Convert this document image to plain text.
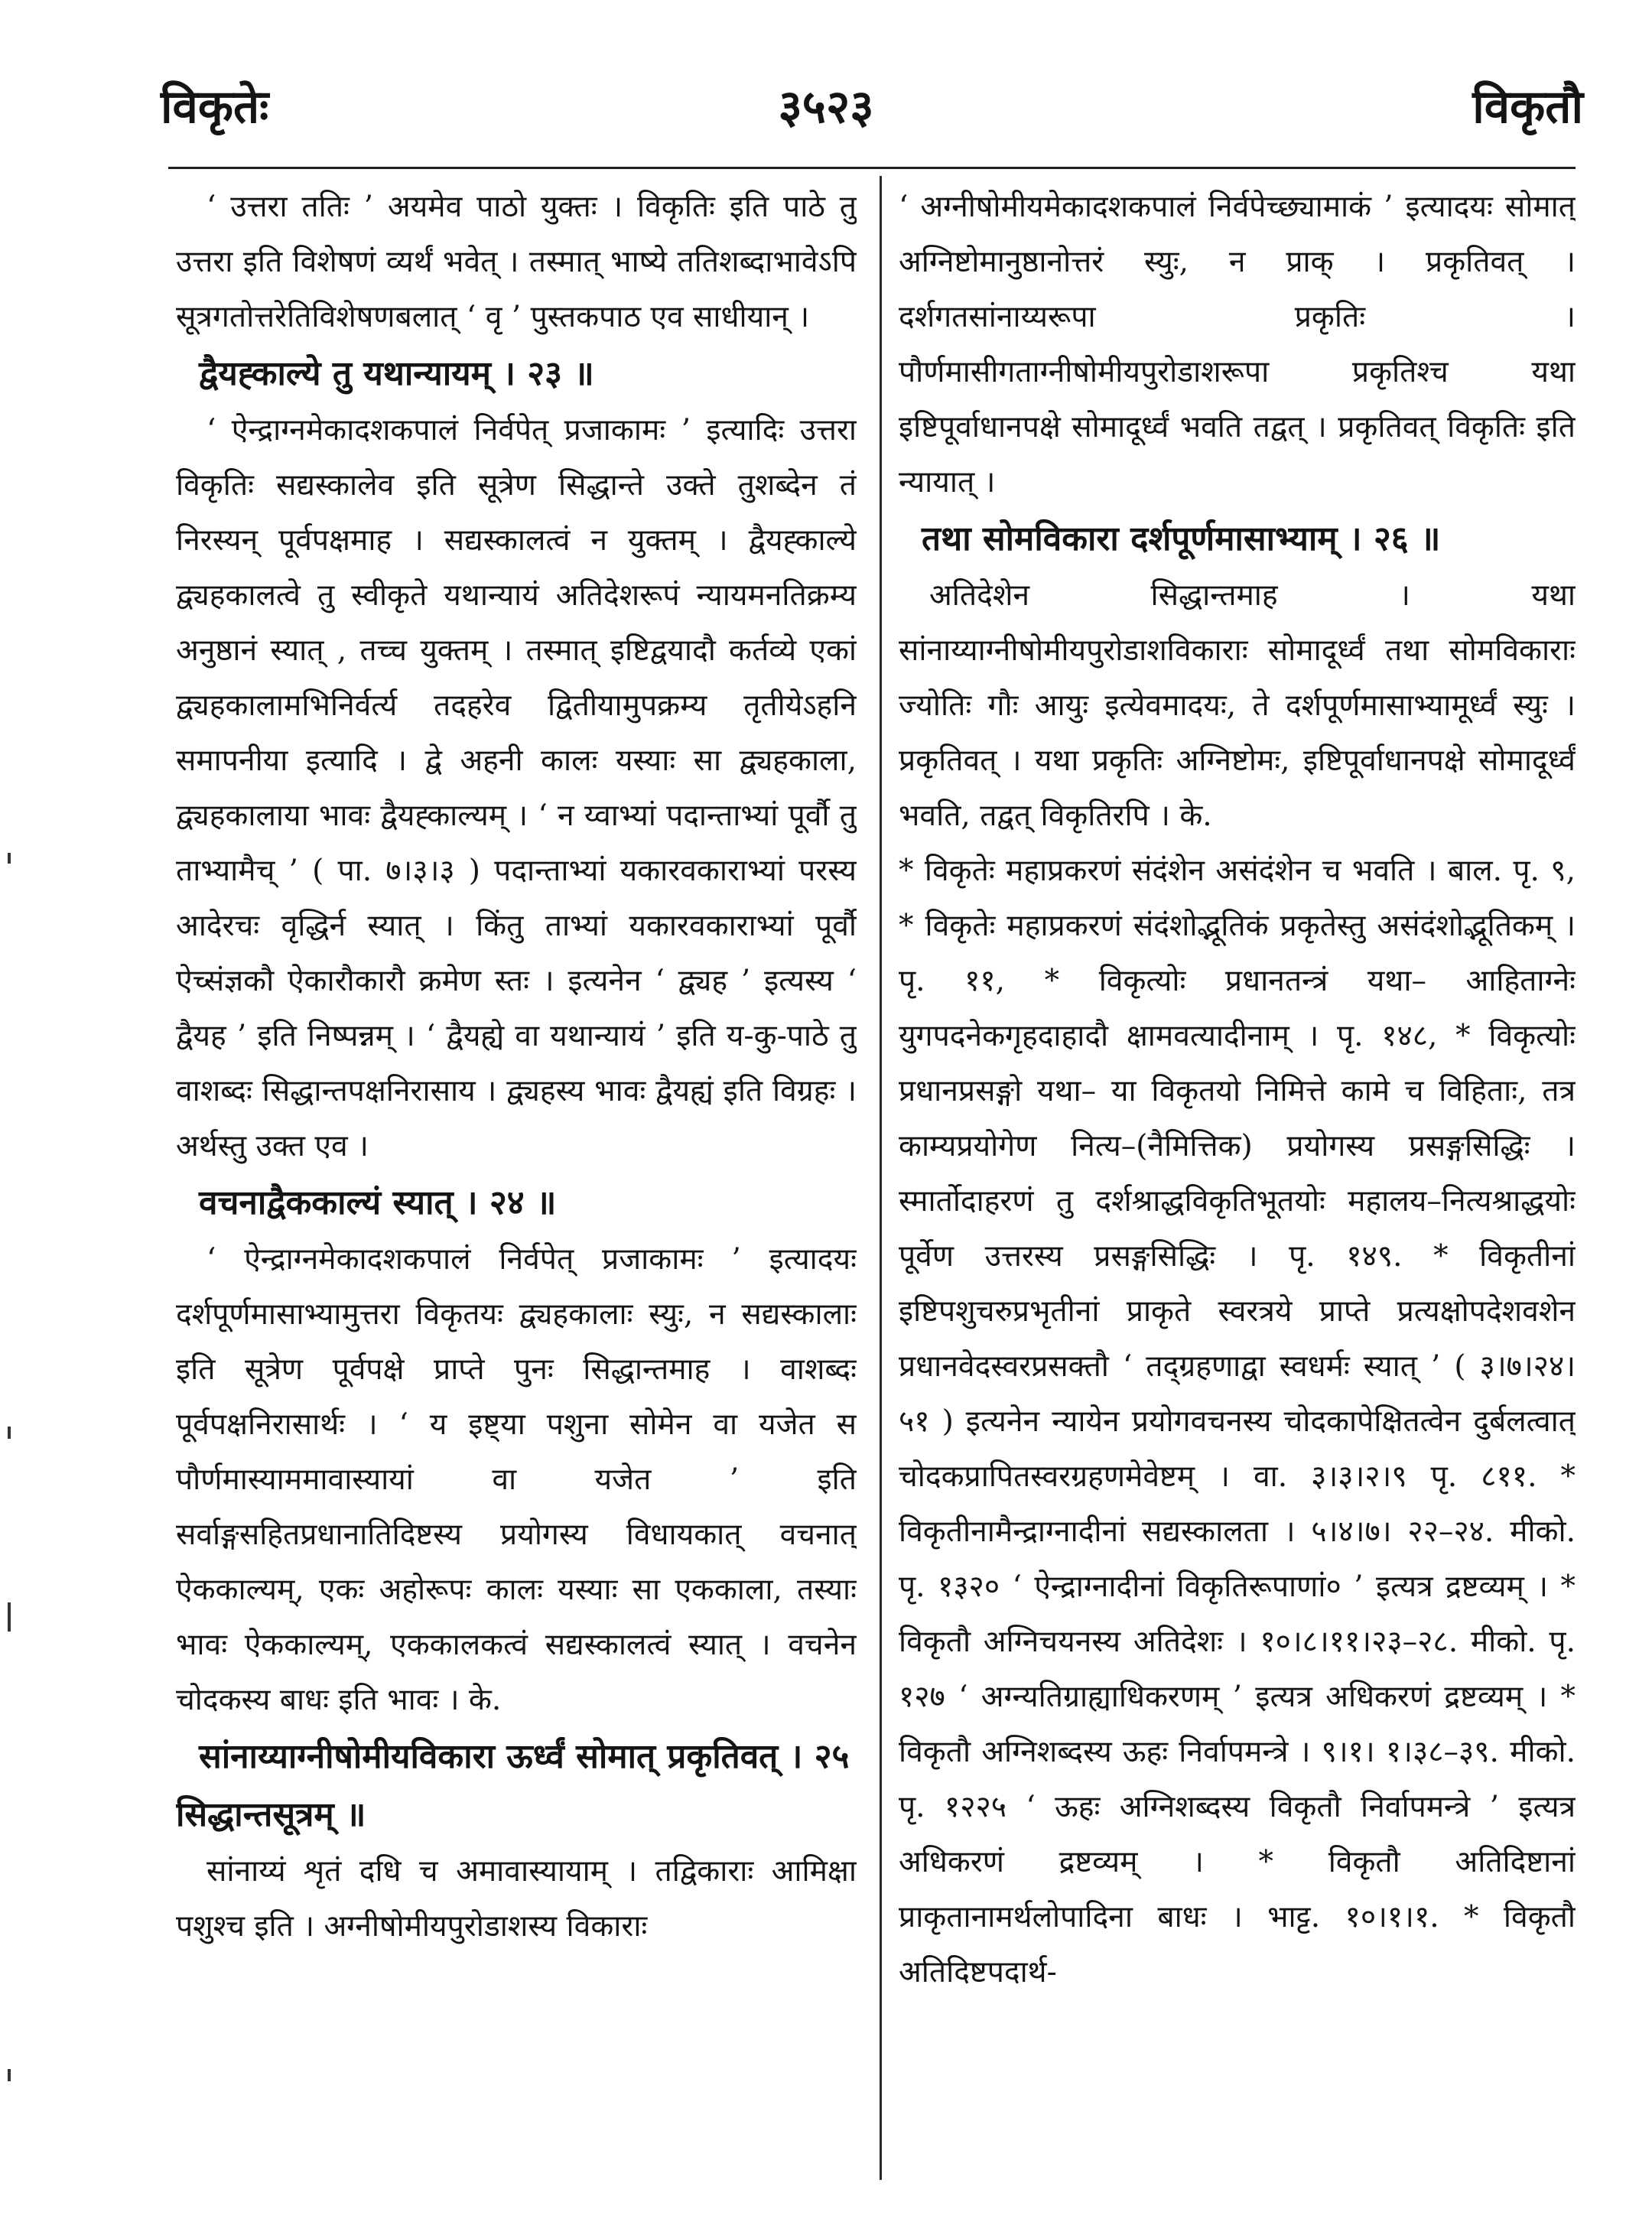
विकृतेः	३५२३	विकृतौ

‘ उत्तरा ततिः ’ अयमेव पाठो युक्तः । विकृतिः इति पाठे तु उत्तरा इति विशेषणं व्यर्थं भवेत् । तस्मात् भाष्ये ततिशब्दाभावेऽपि सूत्रगतोत्तरेतिविशेषणबलात् ‘ वृ ’ पुस्तकपाठ एव साधीयान् ।

द्वैयह्काल्ये तु यथान्यायम् । २३ ॥

‘ ऐन्द्राग्नमेकादशकपालं निर्वपेत् प्रजाकामः ’ इत्यादिः उत्तरा विकृतिः सद्यस्कालेव इति सूत्रेण सिद्धान्ते उक्ते तुशब्देन तं निरस्यन् पूर्वपक्षमाह । सद्यस्कालत्वं न युक्तम् । द्वैयह्काल्ये द्व्यहकालत्वे तु स्वीकृते यथान्यायं अतिदेशरूपं न्यायमनतिक्रम्य अनुष्ठानं स्यात् , तच्च युक्तम् । तस्मात् इष्टिद्वयादौ कर्तव्ये एकां द्व्यहकालामभिनिर्वर्त्य तदहरेव द्वितीयामुपक्रम्य तृतीयेऽहनि समापनीया इत्यादि । द्वे अहनी कालः यस्याः सा द्व्यहकाला, द्व्यहकालाया भावः द्वैयह्काल्यम् । ‘ न य्वाभ्यां पदान्ताभ्यां पूर्वौ तु ताभ्यामैच् ’ ( पा. ७।३।३ ) पदान्ताभ्यां यकारवकाराभ्यां परस्य आदेरचः वृद्धिर्न स्यात् । किंतु ताभ्यां यकारवकाराभ्यां पूर्वौ ऐच्संज्ञकौ ऐकारौकारौ क्रमेण स्तः । इत्यनेन ‘ द्व्यह ’ इत्यस्य ‘ द्वैयह ’ इति निष्पन्नम् । ‘ द्वैयह्ये वा यथान्यायं ’ इति य-कु-पाठे तु वाशब्दः सिद्धान्तपक्षनिरासाय । द्व्यहस्य भावः द्वैयह्यं इति विग्रहः । अर्थस्तु उक्त एव ।

वचनाद्वैककाल्यं स्यात् । २४ ॥

‘ ऐन्द्राग्नमेकादशकपालं निर्वपेत् प्रजाकामः ’ इत्यादयः दर्शपूर्णमासाभ्यामुत्तरा विकृतयः द्व्यहकालाः स्युः, न सद्यस्कालाः इति सूत्रेण पूर्वपक्षे प्राप्ते पुनः सिद्धान्तमाह । वाशब्दः पूर्वपक्षनिरासार्थः । ‘ य इष्ट्या पशुना सोमेन वा यजेत स पौर्णमास्याममावास्यायां वा यजेत ’ इति सर्वाङ्गसहितप्रधानातिदिष्टस्य प्रयोगस्य विधायकात् वचनात् ऐककाल्यम्, एकः अहोरूपः कालः यस्याः सा एककाला, तस्याः भावः ऐककाल्यम्, एककालकत्वं सद्यस्कालत्वं स्यात् । वचनेन चोदकस्य बाधः इति भावः । के.

सांनाय्याग्नीषोमीयविकारा ऊर्ध्वं सोमात् प्रकृतिवत् । २५ सिद्धान्तसूत्रम् ॥

सांनाय्यं शृतं दधि च अमावास्यायाम् । तद्विकाराः आमिक्षा पशुश्च इति । अग्नीषोमीयपुरोडाशस्य विकाराः

‘ अग्नीषोमीयमेकादशकपालं निर्वपेच्छ्यामाकं ’ इत्यादयः सोमात् अग्निष्टोमानुष्ठानोत्तरं स्युः, न प्राक् । प्रकृतिवत् । दर्शगतसांनाय्यरूपा प्रकृतिः । पौर्णमासीगताग्नीषोमीयपुरोडाशरूपा प्रकृतिश्च यथा इष्टिपूर्वाधानपक्षे सोमादूर्ध्वं भवति तद्वत् । प्रकृतिवत् विकृतिः इति न्यायात् ।

तथा सोमविकारा दर्शपूर्णमासाभ्याम् । २६ ॥

अतिदेशेन सिद्धान्तमाह । यथा सांनाय्याग्नीषोमीयपुरोडाशविकाराः सोमादूर्ध्वं तथा सोमविकाराः ज्योतिः गौः आयुः इत्येवमादयः, ते दर्शपूर्णमासाभ्यामूर्ध्वं स्युः । प्रकृतिवत् । यथा प्रकृतिः अग्निष्टोमः, इष्टिपूर्वाधानपक्षे सोमादूर्ध्वं भवति, तद्वत् विकृतिरपि । के.

* विकृतेः महाप्रकरणं संदंशेन असंदंशेन च भवति । बाल. पृ. ९, * विकृतेः महाप्रकरणं संदंशोद्भूतिकं प्रकृतेस्तु असंदंशोद्भूतिकम् । पृ. ११, * विकृत्योः प्रधानतन्त्रं यथा– आहिताग्नेः युगपदनेकगृहदाहादौ क्षामवत्यादीनाम् । पृ. १४८, * विकृत्योः प्रधानप्रसङ्गो यथा– या विकृतयो निमित्ते कामे च विहिताः, तत्र काम्यप्रयोगेण नित्य–(नैमित्तिक) प्रयोगस्य प्रसङ्गसिद्धिः । स्मार्तोदाहरणं तु दर्शश्राद्धविकृतिभूतयोः महालय–नित्यश्राद्धयोः पूर्वेण उत्तरस्य प्रसङ्गसिद्धिः । पृ. १४९. * विकृतीनां इष्टिपशुचरुप्रभृतीनां प्राकृते स्वरत्रये प्राप्ते प्रत्यक्षोपदेशवशेन प्रधानवेदस्वरप्रसक्तौ ‘ तद्ग्रहणाद्वा स्वधर्मः स्यात् ’ ( ३।७।२४।५१ ) इत्यनेन न्यायेन प्रयोगवचनस्य चोदकापेक्षितत्वेन दुर्बलत्वात् चोदकप्रापितस्वरग्रहणमेवेष्टम् । वा. ३।३।२।९ पृ. ८११. * विकृतीनामैन्द्राग्नादीनां सद्यस्कालता । ५।४।७। २२–२४. मीको. पृ. १३२० ‘ ऐन्द्राग्नादीनां विकृतिरूपाणां० ’ इत्यत्र द्रष्टव्यम् । * विकृतौ अग्निचयनस्य अतिदेशः । १०।८।११।२३–२८. मीको. पृ. १२७ ‘ अग्न्यतिग्राह्याधिकरणम् ’ इत्यत्र अधिकरणं द्रष्टव्यम् । * विकृतौ अग्निशब्दस्य ऊहः निर्वापमन्त्रे । ९।१। १।३८–३९. मीको. पृ. १२२५ ‘ ऊहः अग्निशब्दस्य विकृतौ निर्वापमन्त्रे ’ इत्यत्र अधिकरणं द्रष्टव्यम् । * विकृतौ अतिदिष्टानां प्राकृतानामर्थलोपादिना बाधः । भाट्ट. १०।१।१. * विकृतौ अतिदिष्टपदार्थ-
